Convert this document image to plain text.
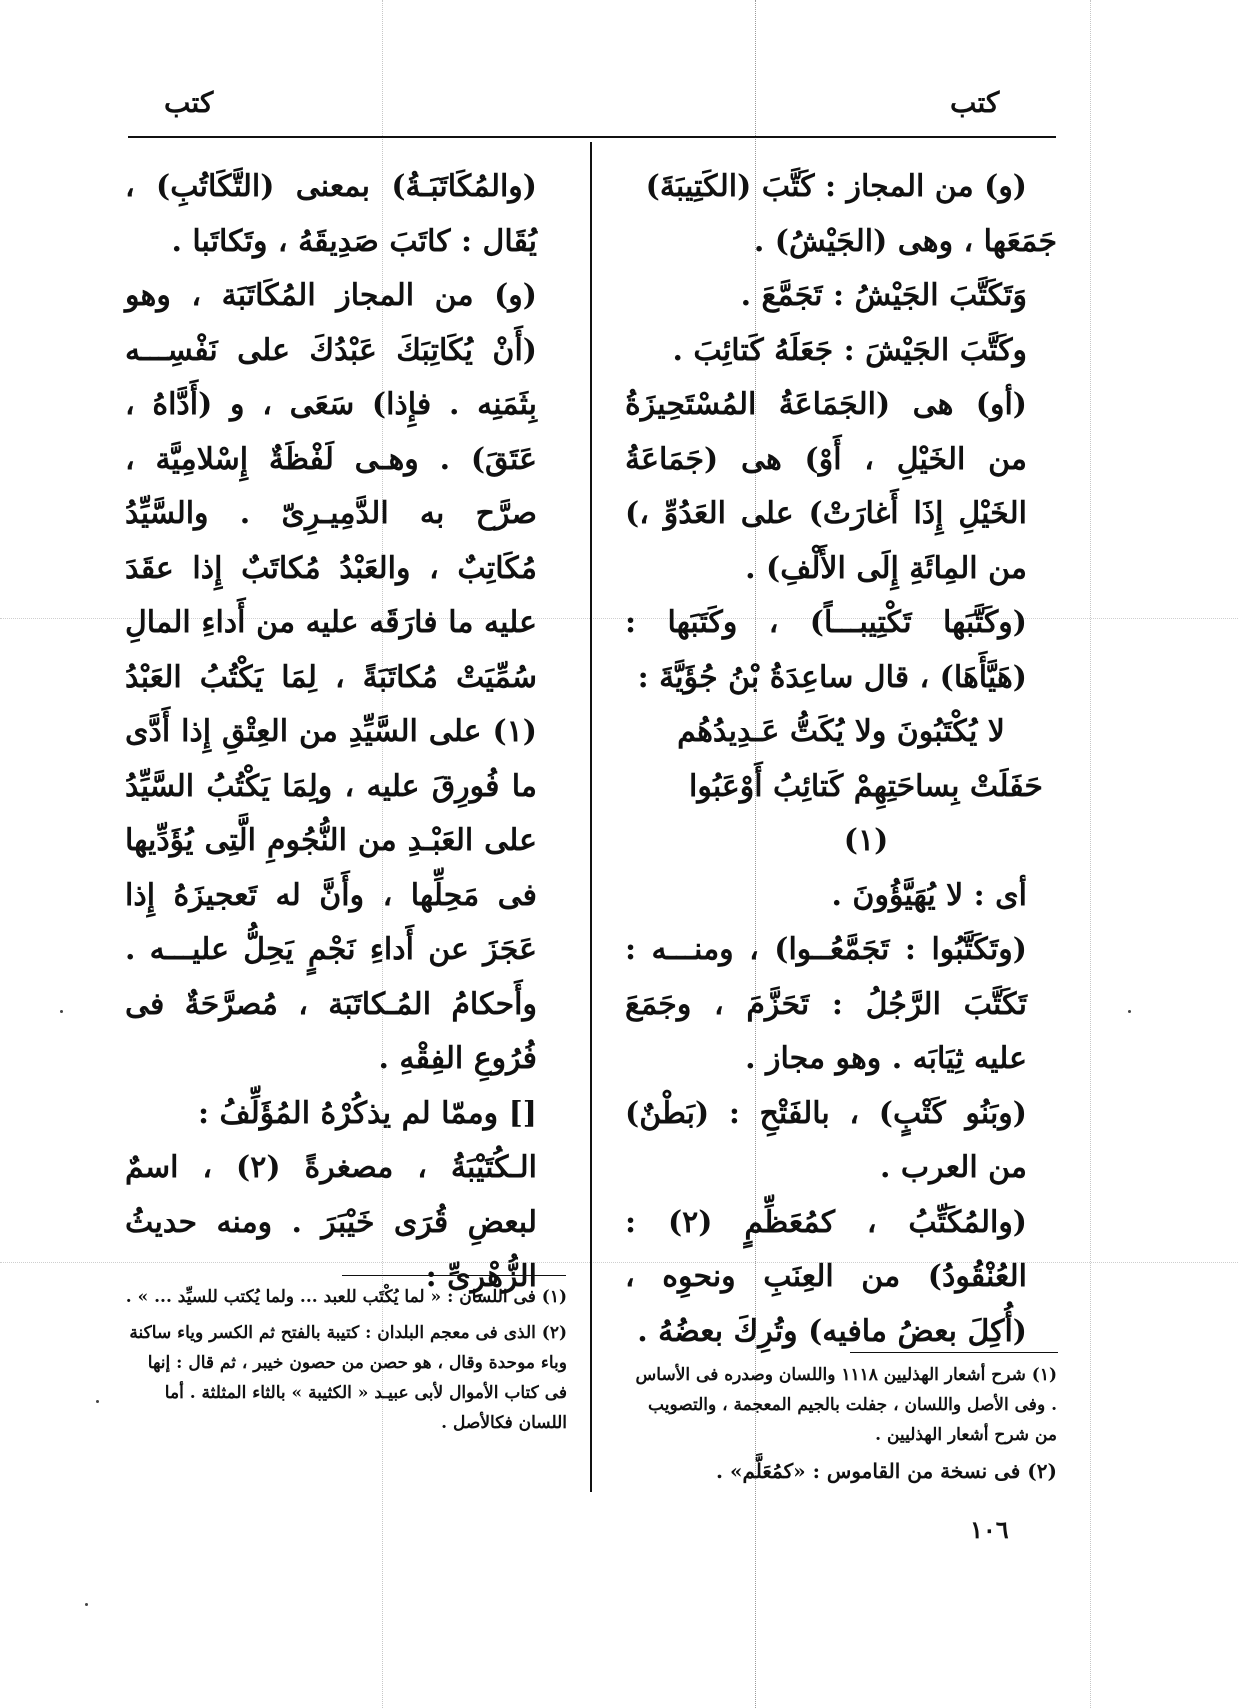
كتب
كتب

(و) من المجاز : كَتَّبَ (الكَتِيبَةَ)

جَمَعَها ، وهى (الجَيْشُ) .

وَتَكَتَّبَ الجَيْشُ : تَجَمَّعَ .

وكَتَّبَ الجَيْشَ : جَعَلَهُ كَتائِبَ .

(أو) هى (الجَمَاعَةُ المُسْتَحِيزَةُ من الخَيْلِ ، أَوْ) هى (جَمَاعَةُ الخَيْلِ إِذَا أَغارَتْ) على العَدُوِّ ،) من المِائَةِ إِلَى الأَلْفِ) .

(وكَتَّبَها تَكْتِيبـــاً) ، وكَتَبَها : (هَيَّأَهَا) ، قال ساعِدَةُ بْنُ جُؤَيَّةَ :

لا يُكْتَبُونَ ولا يُكَتُّ عَـدِيدُهُم

حَفَلَتْ بِساحَتِهِمْ كَتائِبُ أَوْعَبُوا (١)

أى : لا يُهَيَّؤُونَ .

(وتَكَتَّبُوا : تَجَمَّعُــوا) ، ومنـــه : تَكَتَّبَ الرَّجُلُ : تَحَزَّمَ ، وجَمَعَ عليه ثِيَابَه . وهو مجاز .

(وبَنُو كَتْبٍ) ، بالفَتْحِ : (بَطْنٌ) من العرب .

(والمُكَتِّبُ ، كمُعَظِّمٍ (٢) : العُنْقُودُ) من العِنَبِ ونحوِه ، (أُكِلَ بعضُ مافيه) وتُرِكَ بعضُهُ .

(١) شرح أشعار الهذليين ١١١٨ واللسان وصدره فى الأساس . وفى الأصل واللسان ، جفلت بالجيم المعجمة ، والتصويب من شرح أشعار الهذليين .

(٢) فى نسخة من القاموس : «كمُعَلَّم» .

١٠٦

(والمُكَاتَبَـةُ) بمعنى (التَّكَاتُبِ) ، يُقَال : كاتَبَ صَدِيقَهُ ، وتَكاتَبا .

(و) من المجاز المُكَاتَبَة ، وهو (أَنْ يُكَاتِبَكَ عَبْدُكَ على نَفْسِـــه بِثَمَنِه . فإِذا) سَعَى ، و (أَدَّاهُ ، عَتَقَ) . وهـى لَفْظَةٌ إِسْلامِيَّة ، صرَّح به الدَّمِيـرِىّ . والسَّيِّدُ مُكَاتِبٌ ، والعَبْدُ مُكاتَبٌ إِذا عقَدَ عليه ما فارَقَه عليه من أَداءِ المالِ سُمِّيَتْ مُكاتَبَةً ، لِمَا يَكْتُبُ العَبْدُ (١) على السَّيِّدِ من العِتْقِ إِذا أَدَّى ما فُورِقَ عليه ، ولِمَا يَكْتُبُ السَّيِّدُ على العَبْـدِ من النُّجُومِ الَّتِى يُؤَدِّيها فى مَحِلِّها ، وأَنَّ له تَعجيزَهُ إِذا عَجَزَ عن أَداءِ نَجْمٍ يَحِلُّ عليـــه . وأَحكامُ المُـكاتَبَة ، مُصرَّحَةٌ فى فُرُوعِ الفِقْهِ .

[] وممّا لم يذكُرْهُ المُؤَلِّفُ :

الـكُتَيْبَةُ ، مصغرةً (٢) ، اسمٌ لبعضِ قُرَى خَيْبَرَ . ومنه حديثُ الزُّهْرِىِّ :

(١) فى اللسان : « لما يُكْتَب للعبد ... ولما يُكتب للسيِّد ... » .

(٢) الذى فى معجم البلدان : كتيبة بالفتح ثم الكسر وياء ساكنة وباء موحدة وقال ، هو حصن من حصون خيبر ، ثم قال : إنها فى كتاب الأموال لأبى عبيـد « الكثيبة » بالثاء المثلثة . أما اللسان فكالأصل .
